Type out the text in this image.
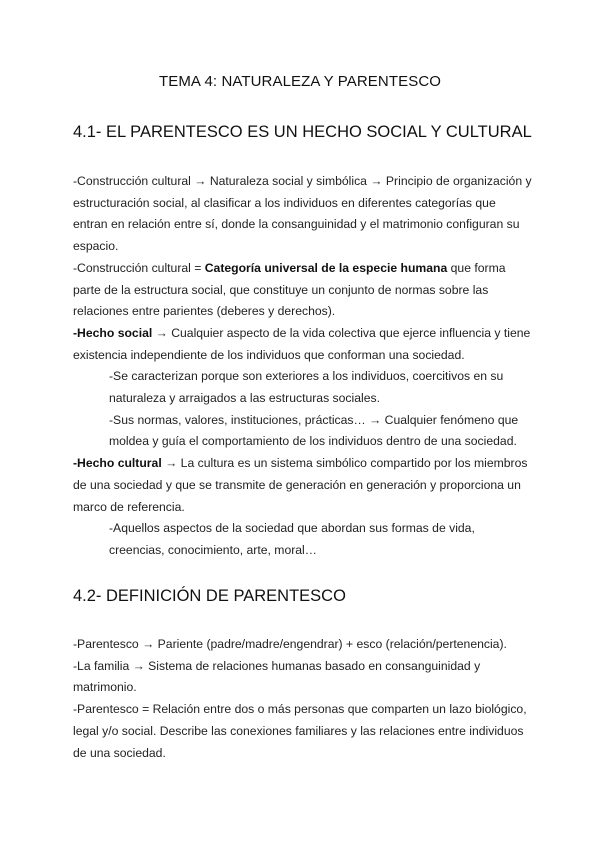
TEMA 4: NATURALEZA Y PARENTESCO
4.1- EL PARENTESCO ES UN HECHO SOCIAL Y CULTURAL

-Construcción cultural → Naturaleza social y simbólica → Principio de organización y estructuración social, al clasificar a los individuos en diferentes categorías que entran en relación entre sí, donde la consanguinidad y el matrimonio configuran su espacio.

-Construcción cultural = Categoría universal de la especie humana que forma parte de la estructura social, que constituye un conjunto de normas sobre las relaciones entre parientes (deberes y derechos).

-Hecho social → Cualquier aspecto de la vida colectiva que ejerce influencia y tiene existencia independiente de los individuos que conforman una sociedad.

-Se caracterizan porque son exteriores a los individuos, coercitivos en su naturaleza y arraigados a las estructuras sociales.

-Sus normas, valores, instituciones, prácticas… → Cualquier fenómeno que moldea y guía el comportamiento de los individuos dentro de una sociedad.

-Hecho cultural → La cultura es un sistema simbólico compartido por los miembros de una sociedad y que se transmite de generación en generación y proporciona un marco de referencia.

-Aquellos aspectos de la sociedad que abordan sus formas de vida, creencias, conocimiento, arte, moral…

4.2- DEFINICIÓN DE PARENTESCO

-Parentesco → Pariente (padre/madre/engendrar) + esco (relación/pertenencia).

-La familia → Sistema de relaciones humanas basado en consanguinidad y matrimonio.

-Parentesco = Relación entre dos o más personas que comparten un lazo biológico, legal y/o social. Describe las conexiones familiares y las relaciones entre individuos de una sociedad.
